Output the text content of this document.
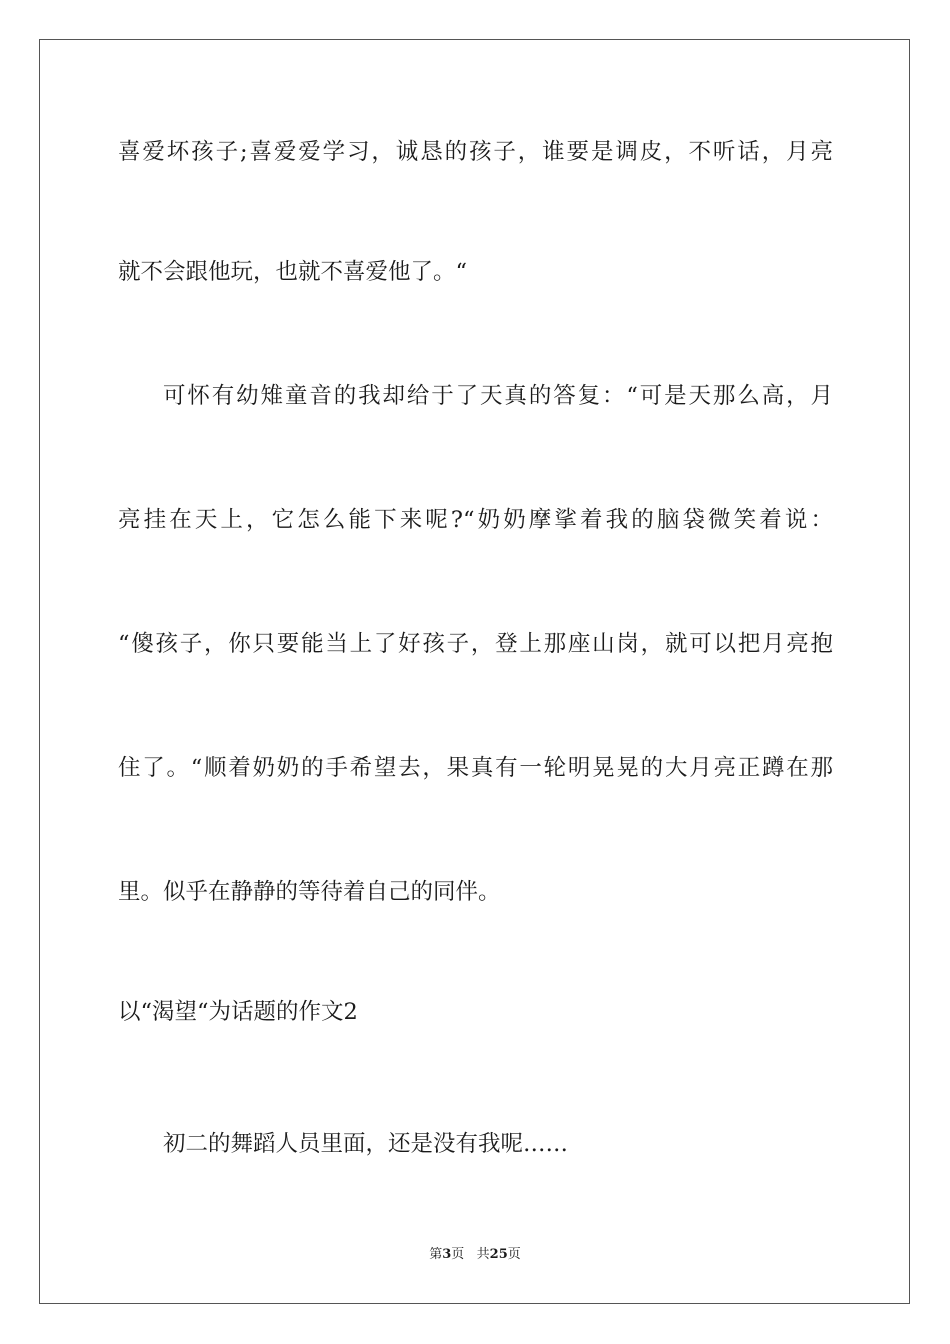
喜爱坏孩子;喜爱爱学习，诚恳的孩子，谁要是调皮，不听话，月亮
就不会跟他玩，也就不喜爱他了。“
可怀有幼雉童音的我却给于了天真的答复：“可是天那么高，月
亮挂在天上，它怎么能下来呢?“奶奶摩挲着我的脑袋微笑着说：
“傻孩子，你只要能当上了好孩子，登上那座山岗，就可以把月亮抱
住了。“顺着奶奶的手希望去，果真有一轮明晃晃的大月亮正蹲在那
里。似乎在静静的等待着自己的同伴。
以“渴望“为话题的作文2
初二的舞蹈人员里面，还是没有我呢……
第3页   共25页
